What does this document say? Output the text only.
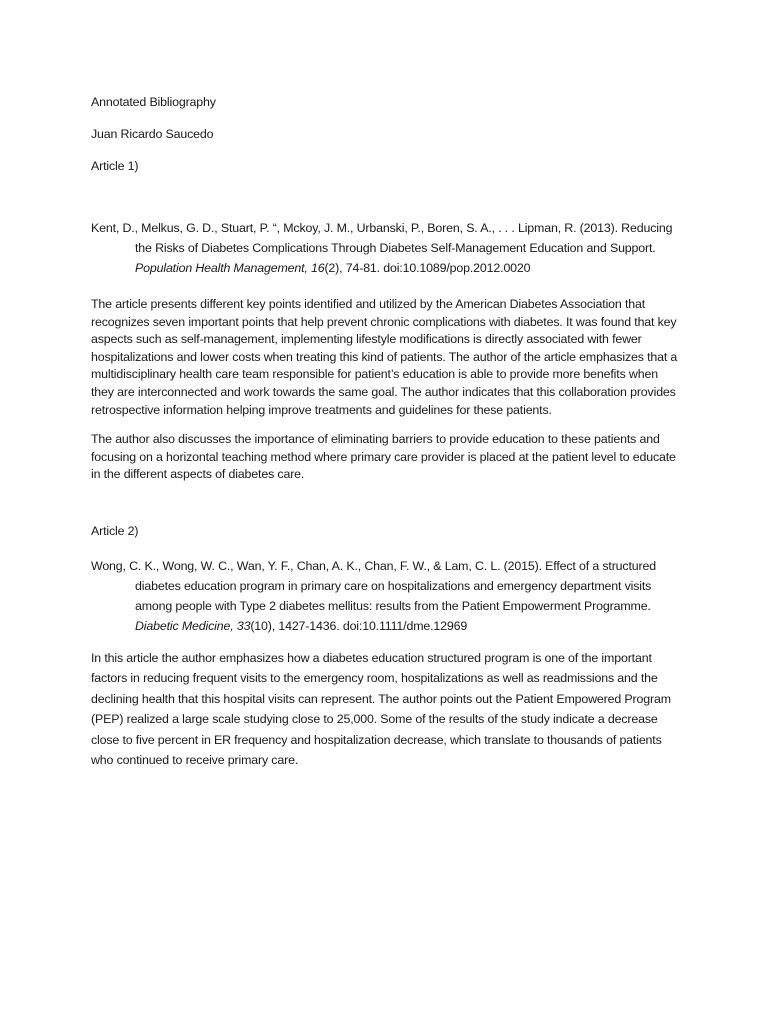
Annotated Bibliography

Juan Ricardo Saucedo

Article 1)

Kent, D., Melkus, G. D., Stuart, P. “, Mckoy, J. M., Urbanski, P., Boren, S. A., . . . Lipman, R. (2013). Reducing the Risks of Diabetes Complications Through Diabetes Self-Management Education and Support. Population Health Management, 16(2), 74-81. doi:10.1089/pop.2012.0020

The article presents different key points identified and utilized by the American Diabetes Association that recognizes seven important points that help prevent chronic complications with diabetes. It was found that key aspects such as self-management, implementing lifestyle modifications is directly associated with fewer hospitalizations and lower costs when treating this kind of patients. The author of the article emphasizes that a multidisciplinary health care team responsible for patient’s education is able to provide more benefits when they are interconnected and work towards the same goal. The author indicates that this collaboration provides retrospective information helping improve treatments and guidelines for these patients.

The author also discusses the importance of eliminating barriers to provide education to these patients and focusing on a horizontal teaching method where primary care provider is placed at the patient level to educate in the different aspects of diabetes care.

Article 2)

Wong, C. K., Wong, W. C., Wan, Y. F., Chan, A. K., Chan, F. W., & Lam, C. L. (2015). Effect of a structured diabetes education program in primary care on hospitalizations and emergency department visits among people with Type 2 diabetes mellitus: results from the Patient Empowerment Programme. Diabetic Medicine, 33(10), 1427-1436. doi:10.1111/dme.12969

In this article the author emphasizes how a diabetes education structured program is one of the important factors in reducing frequent visits to the emergency room, hospitalizations as well as readmissions and the declining health that this hospital visits can represent. The author points out the Patient Empowered Program (PEP) realized a large scale studying close to 25,000. Some of the results of the study indicate a decrease close to five percent in ER frequency and hospitalization decrease, which translate to thousands of patients who continued to receive primary care.
